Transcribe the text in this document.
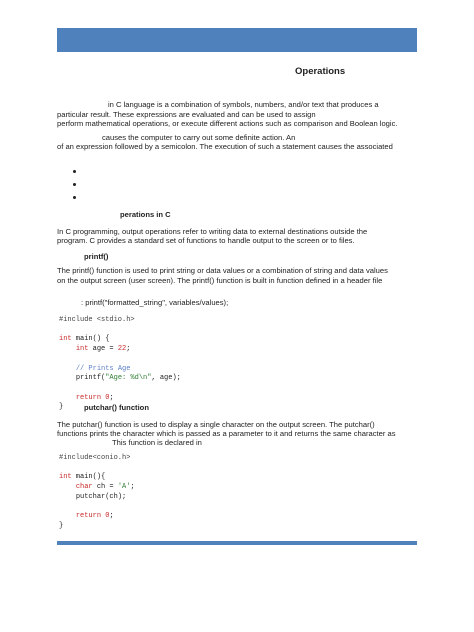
Operations

in C language is a combination of symbols, numbers, and/or text that produces a

particular result. These expressions are evaluated and can be used to assign

perform mathematical operations, or execute different actions such as comparison and Boolean logic.

causes the computer to carry out some definite action. An

of an expression followed by a semicolon. The execution of such a statement causes the associated

perations in C

In C programming, output operations refer to writing data to external destinations outside the

program. C provides a standard set of functions to handle output to the screen or to files.

printf()

The printf() function is used to print string or data values or a combination of string and data values

on the output screen (user screen). The printf() function is built in function defined in a header file

: printf("formatted_string", variables/values);

#include <stdio.h>

int main() {
int age = 22;

// Prints Age
printf("Age: %d\n", age);

return 0;
}	putchar() function

The putchar() function is used to display a single character on the output screen. The putchar()

functions prints the character which is passed as a parameter to it and returns the same character as

This function is declared in

#include<conio.h>

int main(){
char ch = 'A';
putchar(ch);

return 0;
}
